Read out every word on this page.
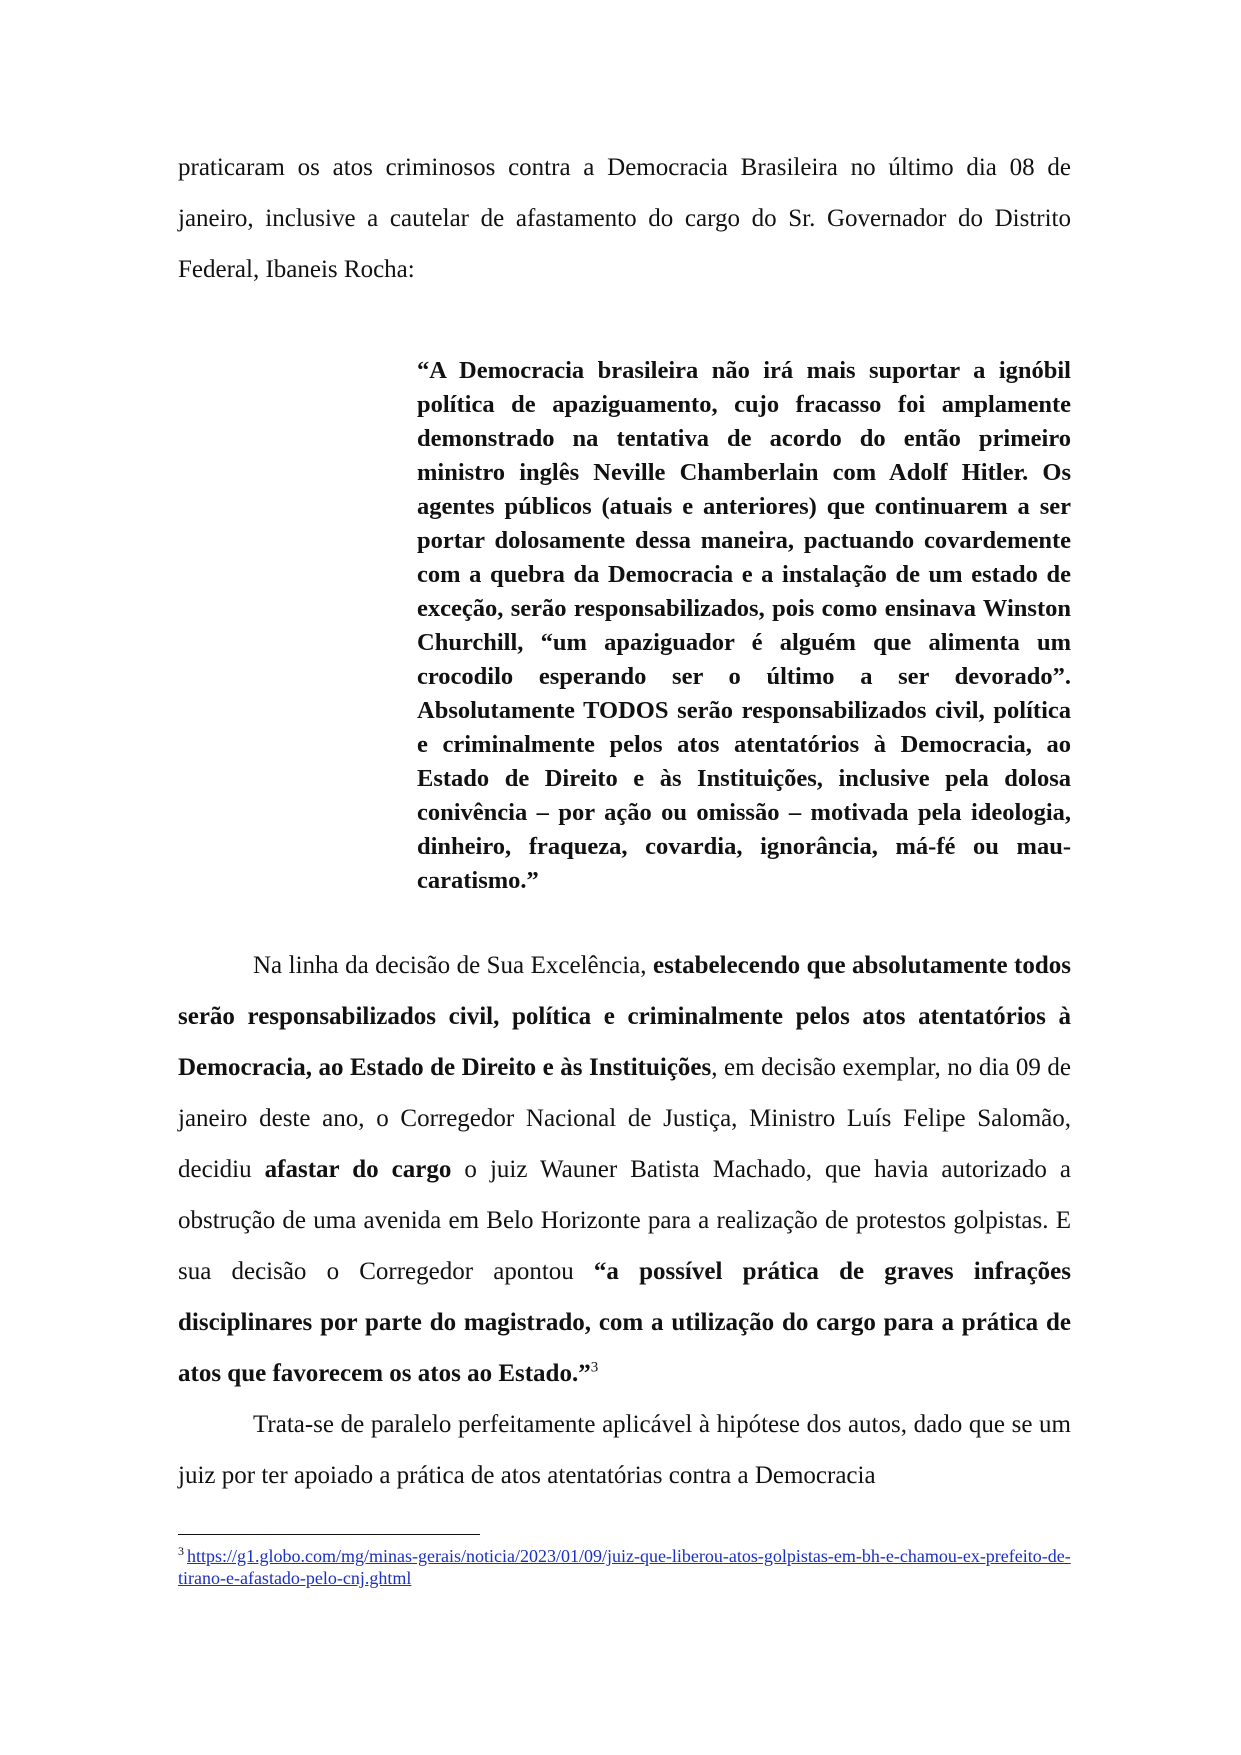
praticaram os atos criminosos contra a Democracia Brasileira no último dia 08 de janeiro, inclusive a cautelar de afastamento do cargo do Sr. Governador do Distrito Federal, Ibaneis Rocha:

“A Democracia brasileira não irá mais suportar a ignóbil política de apaziguamento, cujo fracasso foi amplamente demonstrado na tentativa de acordo do então primeiro ministro inglês Neville Chamberlain com Adolf Hitler. Os agentes públicos (atuais e anteriores) que continuarem a ser portar dolosamente dessa maneira, pactuando covardemente com a quebra da Democracia e a instalação de um estado de exceção, serão responsabilizados, pois como ensinava Winston Churchill, “um apaziguador é alguém que alimenta um crocodilo esperando ser o último a ser devorado”. Absolutamente TODOS serão responsabilizados civil, política e criminalmente pelos atos atentatórios à Democracia, ao Estado de Direito e às Instituições, inclusive pela dolosa conivência – por ação ou omissão – motivada pela ideologia, dinheiro, fraqueza, covardia, ignorância, má-fé ou mau-caratismo.”

Na linha da decisão de Sua Excelência, estabelecendo que absolutamente todos serão responsabilizados civil, política e criminalmente pelos atos atentatórios à Democracia, ao Estado de Direito e às Instituições, em decisão exemplar, no dia 09 de janeiro deste ano, o Corregedor Nacional de Justiça, Ministro Luís Felipe Salomão, decidiu afastar do cargo o juiz Wauner Batista Machado, que havia autorizado a obstrução de uma avenida em Belo Horizonte para a realização de protestos golpistas. E sua decisão o Corregedor apontou “a possível prática de graves infrações disciplinares por parte do magistrado, com a utilização do cargo para a prática de atos que favorecem os atos ao Estado.”$^3$

Trata-se de paralelo perfeitamente aplicável à hipótese dos autos, dado que se um juiz por ter apoiado a prática de atos atentatórias contra a Democracia

$^3$ https://g1.globo.com/mg/minas-gerais/noticia/2023/01/09/juiz-que-liberou-atos-golpistas-em-bh-e-chamou-ex-prefeito-de-tirano-e-afastado-pelo-cnj.ghtml
